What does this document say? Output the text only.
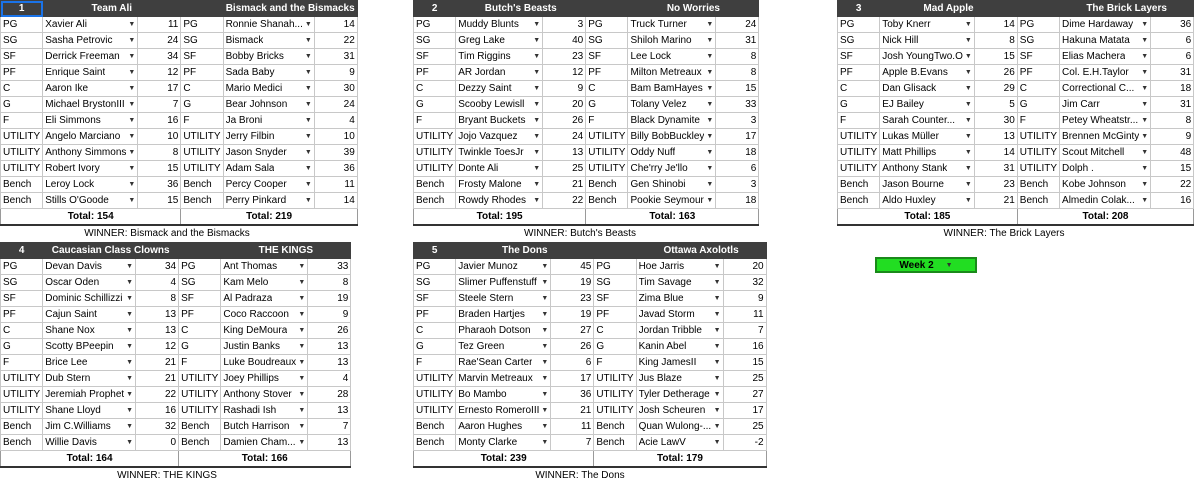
1	Team Ali			Bismack and the Bismacks	
PG	Xavier Ali ▼	11	PG	Ronnie Shanah... ▼	14
SG	Sasha Petrovic ▼	24	SG	Bismack ▼	22
SF	Derrick Freeman ▼	34	SF	Bobby Bricks ▼	31
PF	Enrique Saint ▼	12	PF	Sada Baby ▼	9
C	Aaron Ike ▼	17	C	Mario Medici ▼	30
G	Michael BrystonIII ▼	7	G	Bear Johnson ▼	24
F	Eli Simmons ▼	16	F	Ja Broni ▼	4
UTILITY	Angelo Marciano ▼	10	UTILITY	Jerry Filbin ▼	10
UTILITY	Anthony Simmons ▼	8	UTILITY	Jason Snyder ▼	39
UTILITY	Robert Ivory ▼	15	UTILITY	Adam Sala ▼	36
Bench	Leroy Lock ▼	36	Bench	Percy Cooper ▼	11
Bench	Stills O'Goode ▼	15	Bench	Perry Pinkard ▼	14
Total: 154			Total: 219		
WINNER: Bismack and the Bismacks
2	Butch's Beasts			No Worries	
PG	Muddy Blunts ▼	3	PG	Truck Turner ▼	24
SG	Greg Lake ▼	40	SG	Shiloh Marino ▼	31
SF	Tim Riggins ▼	23	SF	Lee Lock ▼	8
PF	AR Jordan ▼	12	PF	Milton Metreaux ▼	8
C	Dezzy Saint ▼	9	C	Bam BamHayes ▼	15
G	Scooby Lewisll ▼	20	G	Tolany Velez ▼	33
F	Bryant Buckets ▼	26	F	Black Dynamite ▼	3
UTILITY	Jojo Vazquez ▼	24	UTILITY	Billy BobBuckley ▼	17
UTILITY	Twinkle ToesJr ▼	13	UTILITY	Oddy Nuff ▼	18
UTILITY	Donte Ali ▼	25	UTILITY	Che'rry Je'llo ▼	6
Bench	Frosty Malone ▼	21	Bench	Gen Shinobi ▼	3
Bench	Rowdy Rhodes ▼	22	Bench	Pookie Seymour ▼	18
Total: 195			Total: 163		
WINNER: Butch's Beasts
3	Mad Apple			The Brick Layers	
PG	Toby Knerr ▼	14	PG	Dime Hardaway ▼	36
SG	Nick Hill ▼	8	SG	Hakuna Matata ▼	6
SF	Josh YoungTwo.O ▼	15	SF	Elias Machera ▼	6
PF	Apple B.Evans ▼	26	PF	Col. E.H.Taylor ▼	31
C	Dan Glisack ▼	29	C	Correctional C... ▼	18
G	EJ Bailey ▼	5	G	Jim Carr ▼	31
F	Sarah Counter... ▼	30	F	Petey Wheatstr... ▼	8
UTILITY	Lukas Müller ▼	13	UTILITY	Brennen McGinty ▼	9
UTILITY	Matt Phillips ▼	14	UTILITY	Scout Mitchell ▼	48
UTILITY	Anthony Stank ▼	31	UTILITY	Dolph . ▼	15
Bench	Jason Bourne ▼	23	Bench	Kobe Johnson ▼	22
Bench	Aldo Huxley ▼	21	Bench	Almedin Colak... ▼	16
Total: 185			Total: 208		
WINNER: The Brick Layers
4	Caucasian Class Clowns			THE KINGS	
PG	Devan Davis ▼	34	PG	Ant Thomas ▼	33
SG	Oscar Oden ▼	4	SG	Kam Melo ▼	8
SF	Dominic Schillizzi ▼	8	SF	Al Padraza ▼	19
PF	Cajun Saint ▼	13	PF	Coco Raccoon ▼	9
C	Shane Nox ▼	13	C	King DeMoura ▼	26
G	Scotty BPeepin ▼	12	G	Justin Banks ▼	13
F	Brice Lee ▼	21	F	Luke Boudreaux ▼	13
UTILITY	Dub Stern ▼	21	UTILITY	Joey Phillips ▼	4
UTILITY	Jeremiah Prophet ▼	22	UTILITY	Anthony Stover ▼	28
UTILITY	Shane Lloyd ▼	16	UTILITY	Rashadi Ish ▼	13
Bench	Jim C.Williams ▼	32	Bench	Butch Harrison ▼	7
Bench	Willie Davis ▼	0	Bench	Damien Cham... ▼	13
Total: 164			Total: 166		
WINNER: THE KINGS
5	The Dons			Ottawa Axolotls	
PG	Javier Munoz ▼	45	PG	Hoe Jarris ▼	20
SG	Slimer Puffenstuff ▼	19	SG	Tim Savage ▼	32
SF	Steele Stern ▼	23	SF	Zima Blue ▼	9
PF	Braden Hartjes ▼	19	PF	Javad Storm ▼	11
C	Pharaoh Dotson ▼	27	C	Jordan Tribble ▼	7
G	Tez Green ▼	26	G	Kanin Abel ▼	16
F	Rae'Sean Carter ▼	6	F	King JamesII ▼	15
UTILITY	Marvin Metreaux ▼	17	UTILITY	Jus Blaze ▼	25
UTILITY	Bo Mambo ▼	36	UTILITY	Tyler Detherage ▼	27
UTILITY	Ernesto RomeroIII ▼	21	UTILITY	Josh Scheuren ▼	17
Bench	Aaron Hughes ▼	11	Bench	Quan Wulong-... ▼	25
Bench	Monty Clarke ▼	7	Bench	Acie LawV ▼	-2
Total: 239			Total: 179		
WINNER: The Dons
Week 2 ▼
